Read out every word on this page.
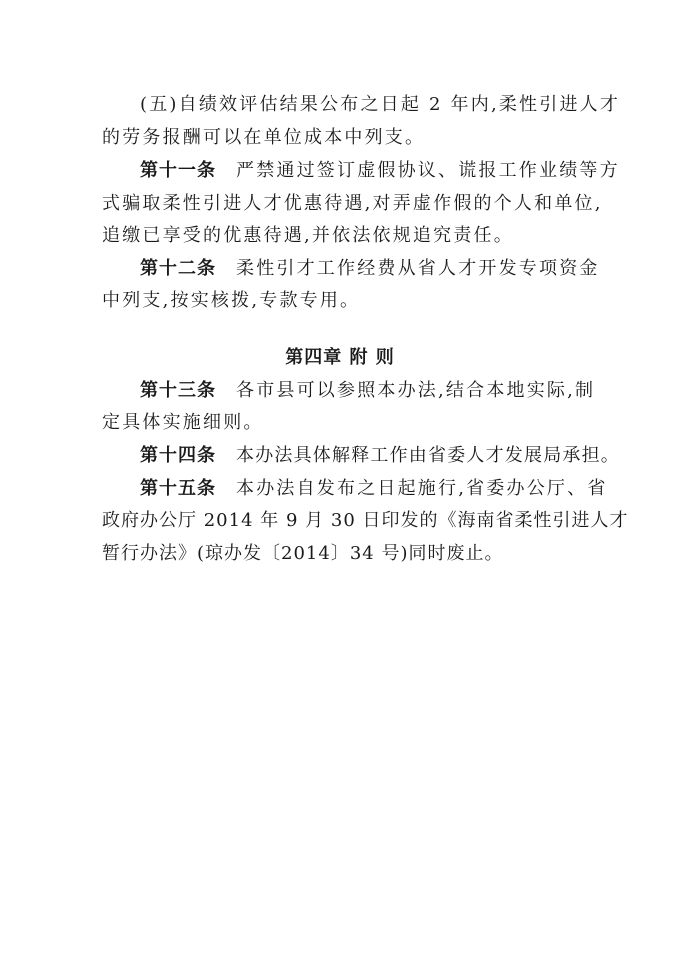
(五)自绩效评估结果公布之日起 2 年内,柔性引进人才
的劳务报酬可以在单位成本中列支。
第十一条 严禁通过签订虚假协议、谎报工作业绩等方
式骗取柔性引进人才优惠待遇,对弄虚作假的个人和单位,
追缴已享受的优惠待遇,并依法依规追究责任。
第十二条 柔性引才工作经费从省人才开发专项资金
中列支,按实核拨,专款专用。
第四章 附 则
第十三条 各市县可以参照本办法,结合本地实际,制
定具体实施细则。
第十四条 本办法具体解释工作由省委人才发展局承担。
第十五条 本办法自发布之日起施行,省委办公厅、省
政府办公厅 2014 年 9 月 30 日印发的《海南省柔性引进人才
暂行办法》(琼办发〔2014〕34 号)同时废止。
